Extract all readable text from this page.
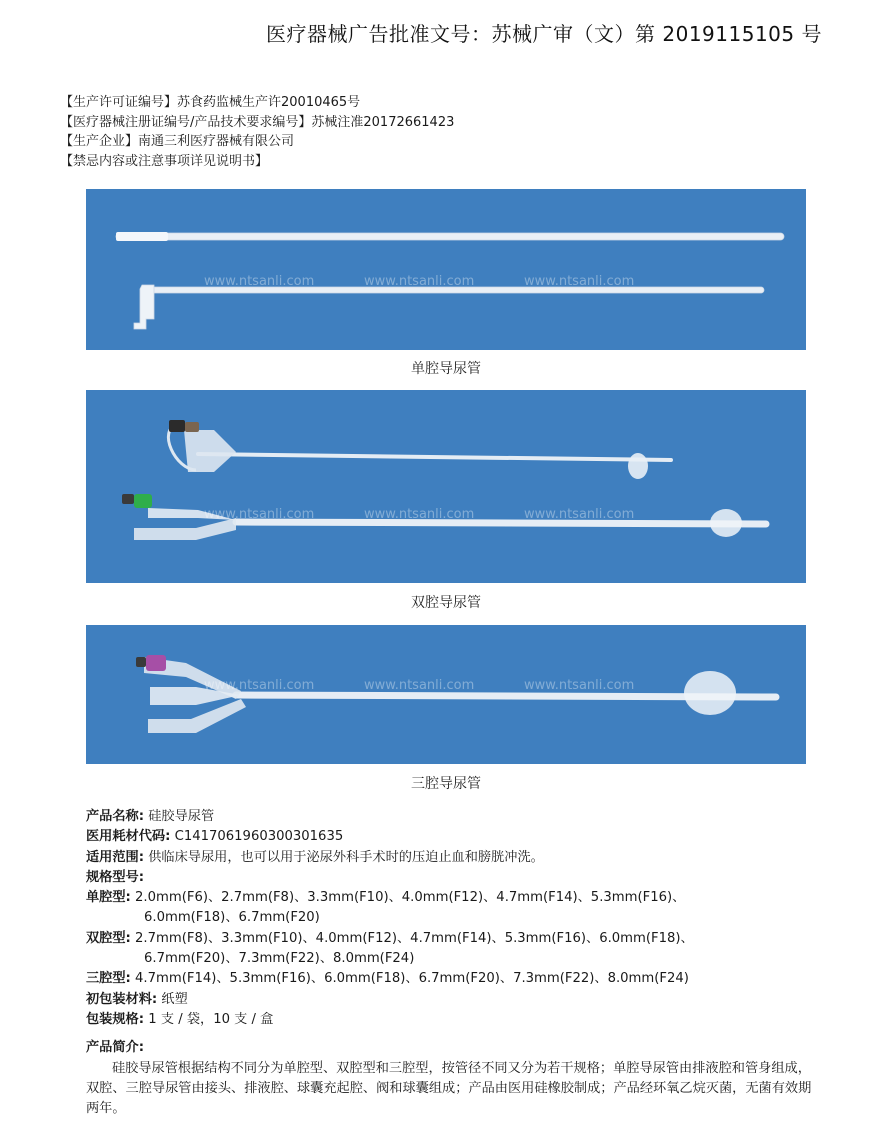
医疗器械广告批准文号：苏械广审（文）第 2019115105 号
【生产许可证编号】苏食药监械生产许20010465号
【医疗器械注册证编号/产品技术要求编号】苏械注准20172661423
【生产企业】南通三利医疗器械有限公司
【禁忌内容或注意事项详见说明书】
www.ntsanli.com	www.ntsanli.com	www.ntsanli.com
单腔导尿管
www.ntsanli.com	www.ntsanli.com	www.ntsanli.com
双腔导尿管
www.ntsanli.com	www.ntsanli.com	www.ntsanli.com
三腔导尿管
产品名称: 硅胶导尿管
医用耗材代码: C1417061960300301635
适用范围: 供临床导尿用，也可以用于泌尿外科手术时的压迫止血和膀胱冲洗。
规格型号:
单腔型: 2.0mm(F6)、2.7mm(F8)、3.3mm(F10)、4.0mm(F12)、4.7mm(F14)、5.3mm(F16)、
6.0mm(F18)、6.7mm(F20)
双腔型: 2.7mm(F8)、3.3mm(F10)、4.0mm(F12)、4.7mm(F14)、5.3mm(F16)、6.0mm(F18)、
6.7mm(F20)、7.3mm(F22)、8.0mm(F24)
三腔型: 4.7mm(F14)、5.3mm(F16)、6.0mm(F18)、6.7mm(F20)、7.3mm(F22)、8.0mm(F24)
初包装材料: 纸塑
包装规格: 1 支 / 袋，10 支 / 盒
产品简介:
硅胶导尿管根据结构不同分为单腔型、双腔型和三腔型，按管径不同又分为若干规格；单腔导尿管由排液腔和管身组成，双腔、三腔导尿管由接头、排液腔、球囊充起腔、阀和球囊组成；产品由医用硅橡胶制成；产品经环氧乙烷灭菌，无菌有效期两年。
